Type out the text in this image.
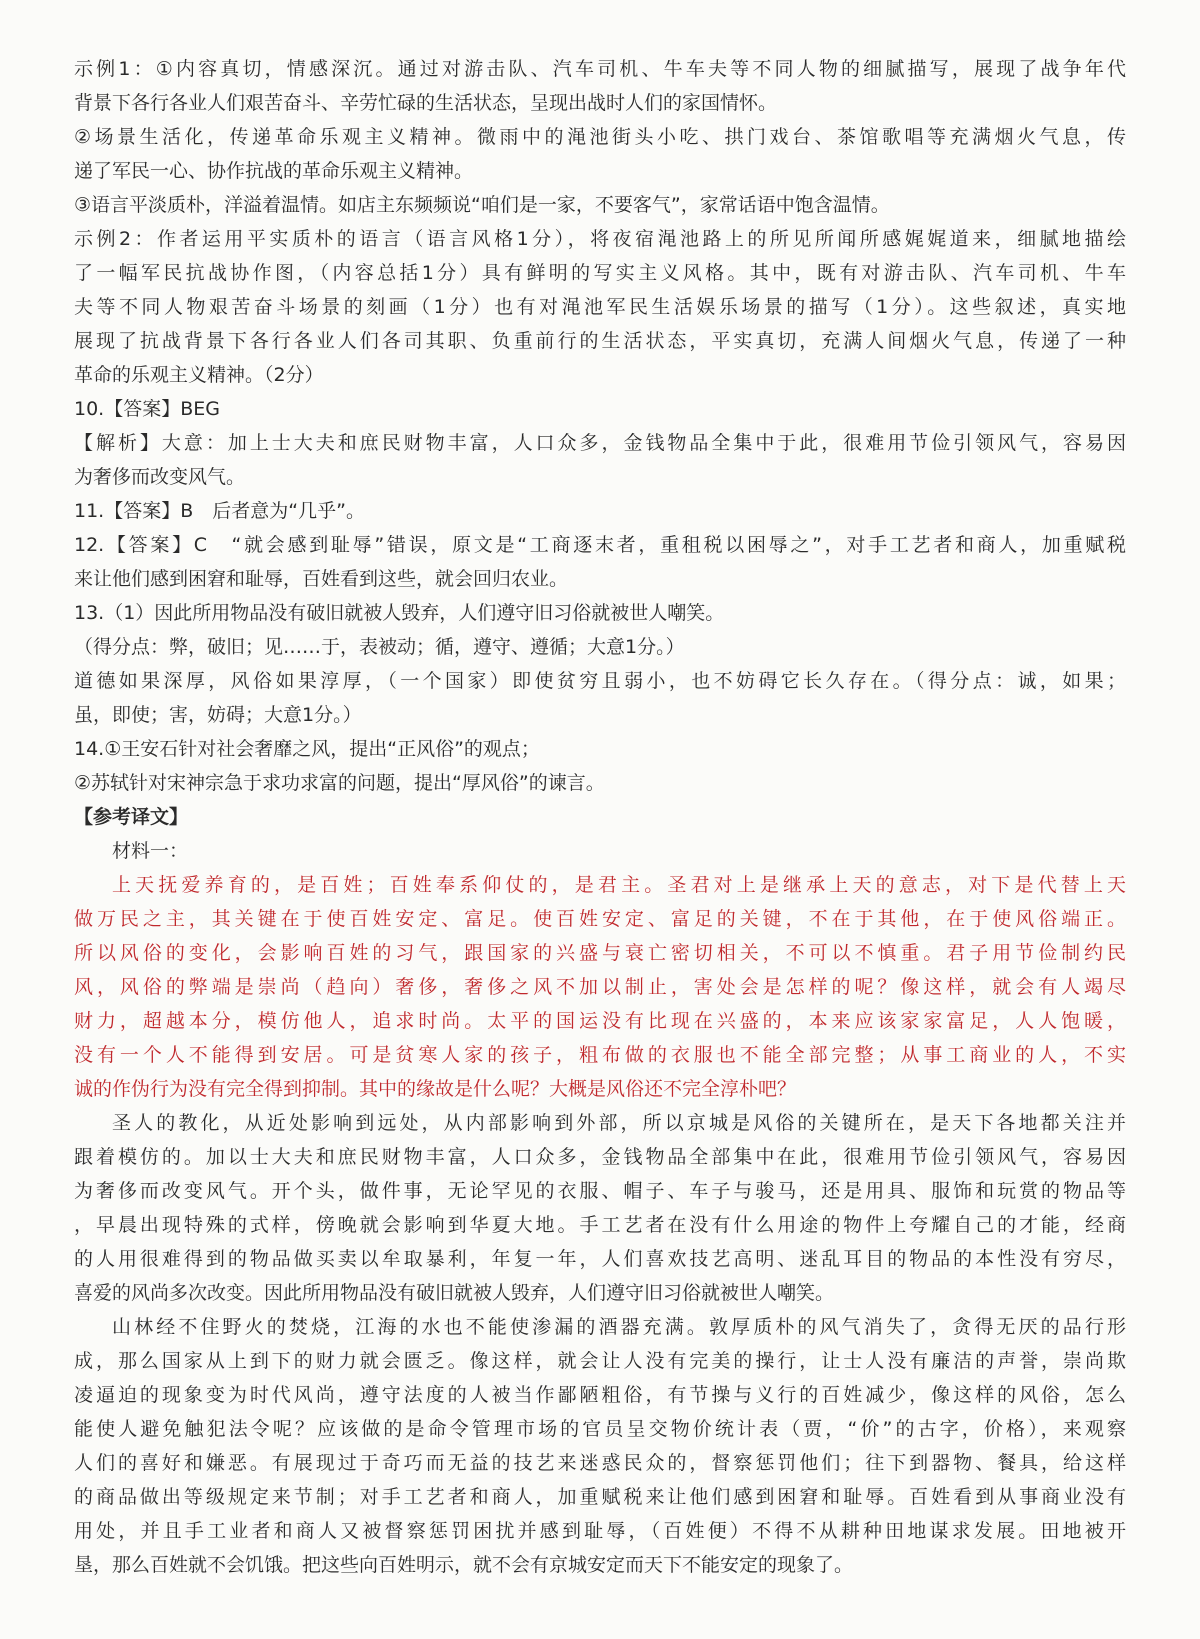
示例1：①内容真切，情感深沉。通过对游击队、汽车司机、牛车夫等不同人物的细腻描写，展现了战争年代
背景下各行各业人们艰苦奋斗、辛劳忙碌的生活状态，呈现出战时人们的家国情怀。
②场景生活化，传递革命乐观主义精神。微雨中的渑池街头小吃、拱门戏台、茶馆歌唱等充满烟火气息，传
递了军民一心、协作抗战的革命乐观主义精神。
③语言平淡质朴，洋溢着温情。如店主东频频说“咱们是一家，不要客气”，家常话语中饱含温情。
示例2：作者运用平实质朴的语言（语言风格1分），将夜宿渑池路上的所见所闻所感娓娓道来，细腻地描绘
了一幅军民抗战协作图，（内容总括1分）具有鲜明的写实主义风格。其中，既有对游击队、汽车司机、牛车
夫等不同人物艰苦奋斗场景的刻画（1分）也有对渑池军民生活娱乐场景的描写（1分）。这些叙述，真实地
展现了抗战背景下各行各业人们各司其职、负重前行的生活状态，平实真切，充满人间烟火气息，传递了一种
革命的乐观主义精神。（2分）
10.【答案】BEG
【解析】大意：加上士大夫和庶民财物丰富，人口众多，金钱物品全集中于此，很难用节俭引领风气，容易因
为奢侈而改变风气。
11.【答案】B　后者意为“几乎”。
12.【答案】C　“就会感到耻辱”错误，原文是“工商逐末者，重租税以困辱之”，对手工艺者和商人，加重赋税
来让他们感到困窘和耻辱，百姓看到这些，就会回归农业。
13.（1）因此所用物品没有破旧就被人毁弃，人们遵守旧习俗就被世人嘲笑。
（得分点：弊，破旧；见……于，表被动；循，遵守、遵循；大意1分。）
道德如果深厚，风俗如果淳厚，（一个国家）即使贫穷且弱小，也不妨碍它长久存在。（得分点：诚，如果；
虽，即使；害，妨碍；大意1分。）
14.①王安石针对社会奢靡之风，提出“正风俗”的观点；
②苏轼针对宋神宗急于求功求富的问题，提出“厚风俗”的谏言。
【参考译文】
材料一：
上天抚爱养育的，是百姓；百姓奉系仰仗的，是君主。圣君对上是继承上天的意志，对下是代替上天
做万民之主，其关键在于使百姓安定、富足。使百姓安定、富足的关键，不在于其他，在于使风俗端正。
所以风俗的变化，会影响百姓的习气，跟国家的兴盛与衰亡密切相关，不可以不慎重。君子用节俭制约民
风，风俗的弊端是崇尚（趋向）奢侈，奢侈之风不加以制止，害处会是怎样的呢？像这样，就会有人竭尽
财力，超越本分，模仿他人，追求时尚。太平的国运没有比现在兴盛的，本来应该家家富足，人人饱暖，
没有一个人不能得到安居。可是贫寒人家的孩子，粗布做的衣服也不能全部完整；从事工商业的人，不实
诚的作伪行为没有完全得到抑制。其中的缘故是什么呢？大概是风俗还不完全淳朴吧？
圣人的教化，从近处影响到远处，从内部影响到外部，所以京城是风俗的关键所在，是天下各地都关注并
跟着模仿的。加以士大夫和庶民财物丰富，人口众多，金钱物品全部集中在此，很难用节俭引领风气，容易因
为奢侈而改变风气。开个头，做件事，无论罕见的衣服、帽子、车子与骏马，还是用具、服饰和玩赏的物品等
，早晨出现特殊的式样，傍晚就会影响到华夏大地。手工艺者在没有什么用途的物件上夸耀自己的才能，经商
的人用很难得到的物品做买卖以牟取暴利，年复一年，人们喜欢技艺高明、迷乱耳目的物品的本性没有穷尽，
喜爱的风尚多次改变。因此所用物品没有破旧就被人毁弃，人们遵守旧习俗就被世人嘲笑。
山林经不住野火的焚烧，江海的水也不能使渗漏的酒器充满。敦厚质朴的风气消失了，贪得无厌的品行形
成，那么国家从上到下的财力就会匮乏。像这样，就会让人没有完美的操行，让士人没有廉洁的声誉，崇尚欺
凌逼迫的现象变为时代风尚，遵守法度的人被当作鄙陋粗俗，有节操与义行的百姓减少，像这样的风俗，怎么
能使人避免触犯法令呢？应该做的是命令管理市场的官员呈交物价统计表（贾，“价”的古字，价格），来观察
人们的喜好和嫌恶。有展现过于奇巧而无益的技艺来迷惑民众的，督察惩罚他们；往下到器物、餐具，给这样
的商品做出等级规定来节制；对手工艺者和商人，加重赋税来让他们感到困窘和耻辱。百姓看到从事商业没有
用处，并且手工业者和商人又被督察惩罚困扰并感到耻辱，（百姓便）不得不从耕种田地谋求发展。田地被开
垦，那么百姓就不会饥饿。把这些向百姓明示，就不会有京城安定而天下不能安定的现象了。
